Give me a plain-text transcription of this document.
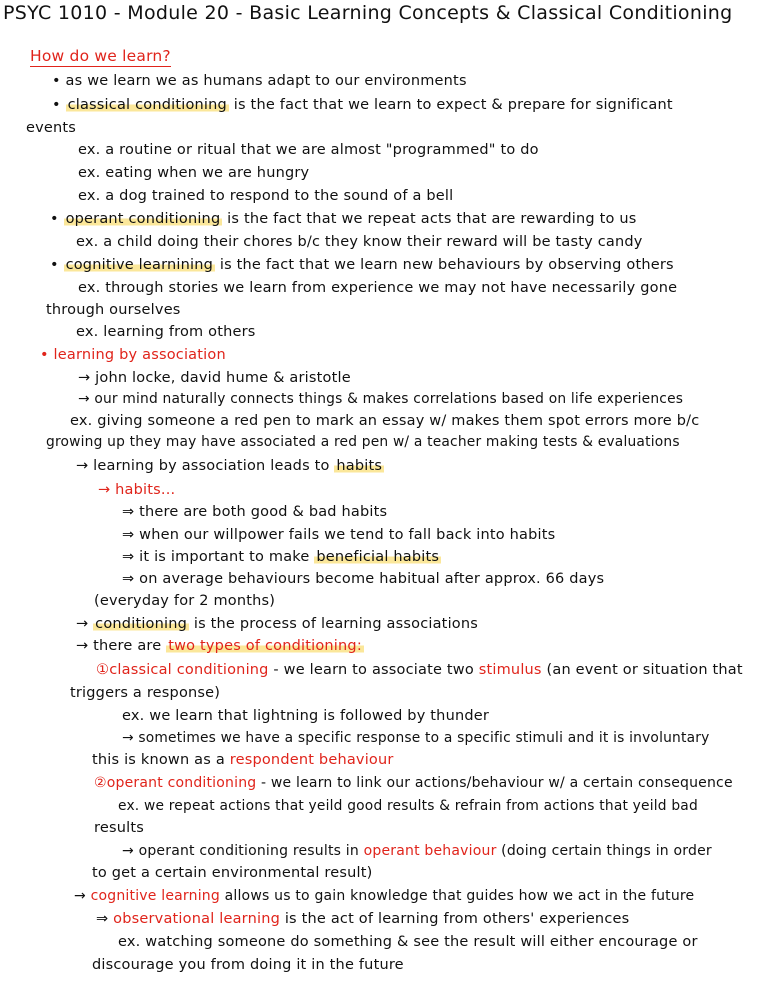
PSYC 1010 - Module 20 - Basic Learning Concepts & Classical Conditioning
How do we learn?
• as we learn we as humans adapt to our environments
• classical conditioning is the fact that we learn to expect & prepare for significant
events
ex. a routine or ritual that we are almost "programmed" to do
ex. eating when we are hungry
ex. a dog trained to respond to the sound of a bell
• operant conditioning is the fact that we repeat acts that are rewarding to us
ex. a child doing their chores b/c they know their reward will be tasty candy
• cognitive learnining is the fact that we learn new behaviours by observing others
ex. through stories we learn from experience we may not have necessarily gone
through ourselves
ex. learning from others
• learning by association
→ john locke, david hume & aristotle
→ our mind naturally connects things & makes correlations based on life experiences
ex. giving someone a red pen to mark an essay w/ makes them spot errors more b/c
growing up they may have associated a red pen w/ a teacher making tests & evaluations
→ learning by association leads to habits
→ habits...
⇒ there are both good & bad habits
⇒ when our willpower fails we tend to fall back into habits
⇒ it is important to make beneficial habits
⇒ on average behaviours become habitual after approx. 66 days
(everyday for 2 months)
→ conditioning is the process of learning associations
→ there are two types of conditioning:
①classical conditioning - we learn to associate two stimulus (an event or situation that
triggers a response)
ex. we learn that lightning is followed by thunder
→ sometimes we have a specific response to a specific stimuli and it is involuntary
this is known as a respondent behaviour
②operant conditioning - we learn to link our actions/behaviour w/ a certain consequence
ex. we repeat actions that yeild good results & refrain from actions that yeild bad
results
→ operant conditioning results in operant behaviour (doing certain things in order
to get a certain environmental result)
→ cognitive learning allows us to gain knowledge that guides how we act in the future
⇒ observational learning is the act of learning from others' experiences
ex. watching someone do something & see the result will either encourage or
discourage you from doing it in the future
